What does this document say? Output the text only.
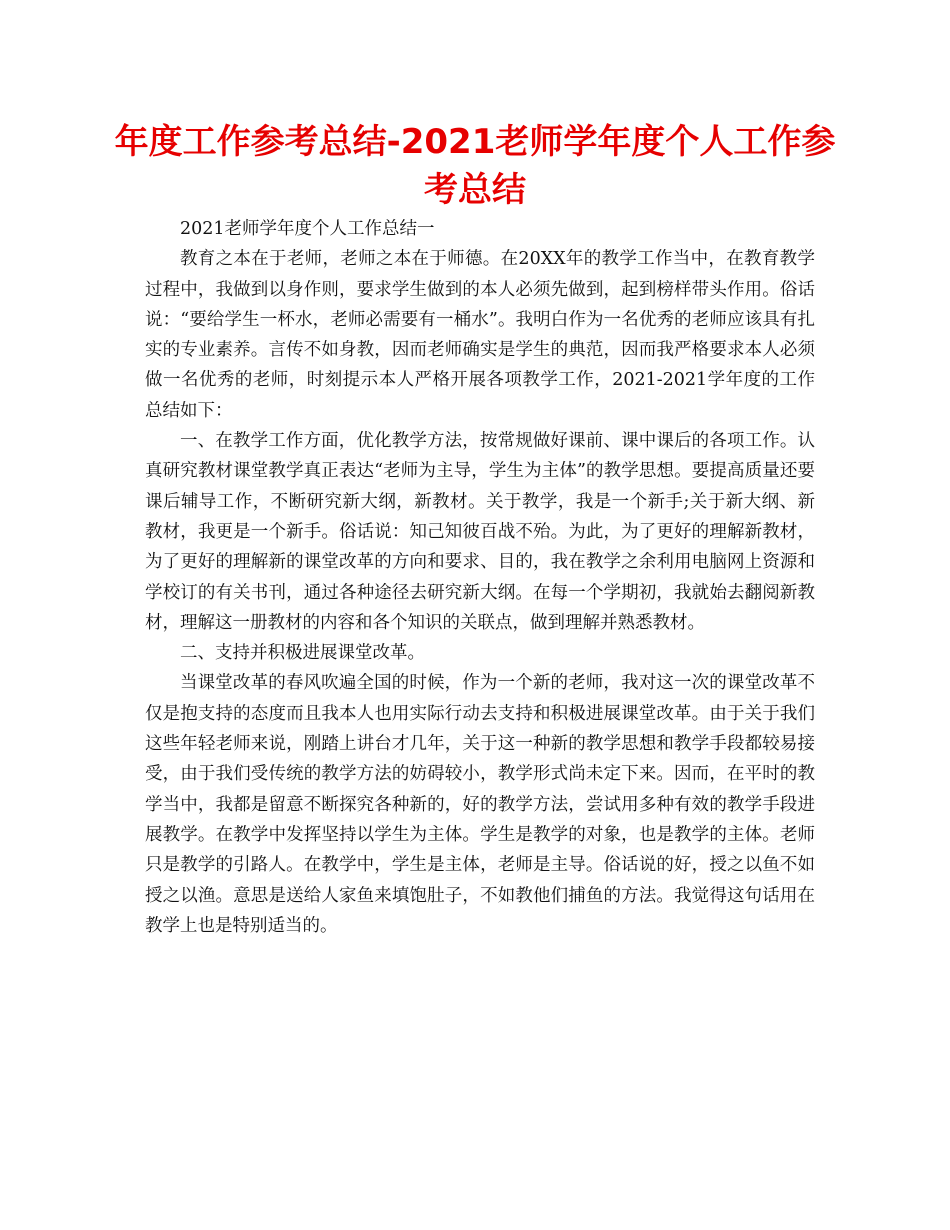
年度工作参考总结-2021老师学年度个人工作参考总结

2021老师学年度个人工作总结一

教育之本在于老师，老师之本在于师德。在20XX年的教学工作当中，在教育教学过程中，我做到以身作则，要求学生做到的本人必须先做到，起到榜样带头作用。俗话说：“要给学生一杯水，老师必需要有一桶水”。我明白作为一名优秀的老师应该具有扎实的专业素养。言传不如身教，因而老师确实是学生的典范，因而我严格要求本人必须做一名优秀的老师，时刻提示本人严格开展各项教学工作，2021-2021学年度的工作总结如下：

一、在教学工作方面，优化教学方法，按常规做好课前、课中课后的各项工作。认真研究教材课堂教学真正表达“老师为主导，学生为主体”的教学思想。要提高质量还要课后辅导工作，不断研究新大纲，新教材。关于教学，我是一个新手;关于新大纲、新教材，我更是一个新手。俗话说：知己知彼百战不殆。为此，为了更好的理解新教材，为了更好的理解新的课堂改革的方向和要求、目的，我在教学之余利用电脑网上资源和学校订的有关书刊，通过各种途径去研究新大纲。在每一个学期初，我就始去翻阅新教材，理解这一册教材的内容和各个知识的关联点，做到理解并熟悉教材。

二、支持并积极进展课堂改革。

当课堂改革的春风吹遍全国的时候，作为一个新的老师，我对这一次的课堂改革不仅是抱支持的态度而且我本人也用实际行动去支持和积极进展课堂改革。由于关于我们这些年轻老师来说，刚踏上讲台才几年，关于这一种新的教学思想和教学手段都较易接受，由于我们受传统的教学方法的妨碍较小，教学形式尚未定下来。因而，在平时的教学当中，我都是留意不断探究各种新的，好的教学方法，尝试用多种有效的教学手段进展教学。在教学中发挥坚持以学生为主体。学生是教学的对象，也是教学的主体。老师只是教学的引路人。在教学中，学生是主体，老师是主导。俗话说的好，授之以鱼不如授之以渔。意思是送给人家鱼来填饱肚子，不如教他们捕鱼的方法。我觉得这句话用在教学上也是特别适当的。
